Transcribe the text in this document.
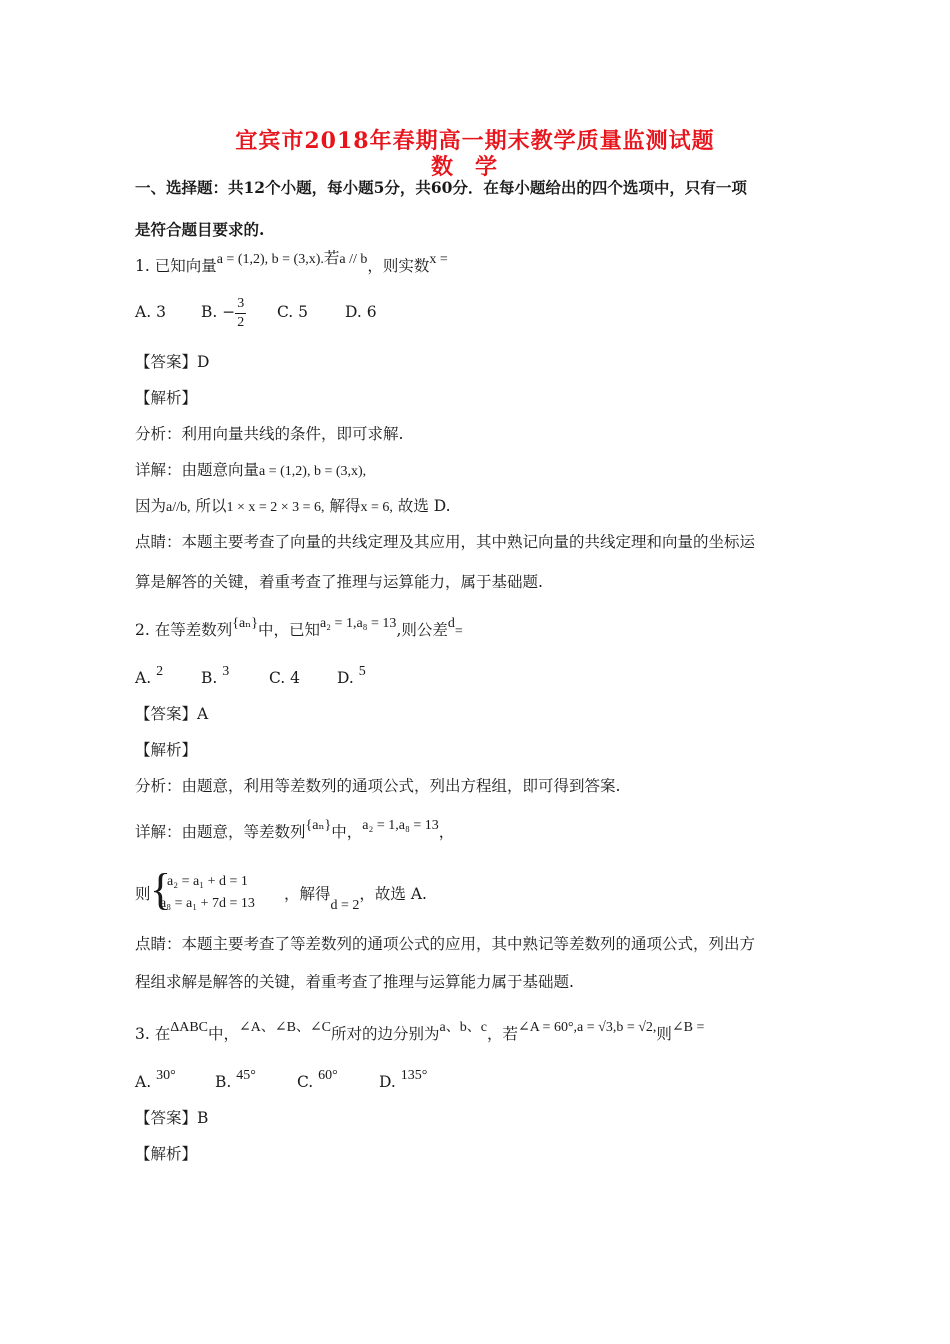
宜宾市2018年春期高一期末教学质量监测试题
数学
一、选择题：共12个小题，每小题5分，共60分．在每小题给出的四个选项中，只有一项
是符合题目要求的.
1. 已知向量a = (1,2), b = (3,x).若a // b，则实数x =
A. 3 B. − $\frac{3}{2} C$. 5 D. 6
【答案】D
【解析】
分析：利用向量共线的条件，即可求解.
详解：由题意向量a = (1,2), b = (3,x),
因为a//b, 所以1 × x = 2 × 3 = 6, 解得x = 6, 故选 D.
点睛：本题主要考查了向量的共线定理及其应用，其中熟记向量的共线定理和向量的坐标运
算是解答的关键，着重考查了推理与运算能力，属于基础题.
2. 在等差数列{aₙ}中，已知a₂ = 1,a₈ = 13,则公差d=
A. 2 B. 3	C. 4 D. 5
【答案】A
【解析】
分析：由题意，利用等差数列的通项公式，列出方程组，即可得到答案.
详解：由题意，等差数列{aₙ}中，a₂ = 1,a₈ = 13，
则 {
a₂ = a₁ + d = 1
a₈ = a₁ + 7d = 13
，解得d = 2，故选 A.
点睛：本题主要考查了等差数列的通项公式的应用，其中熟记等差数列的通项公式，列出方
程组求解是解答的关键，着重考查了推理与运算能力属于基础题.
3. 在ΔABC中，∠A、∠B、∠C所对的边分别为a、b、c，若∠A = 60°,a = √3,b = √2,则∠B =
A. 30°	B. 45°	C. 60°	D. 135°
【答案】B
【解析】
